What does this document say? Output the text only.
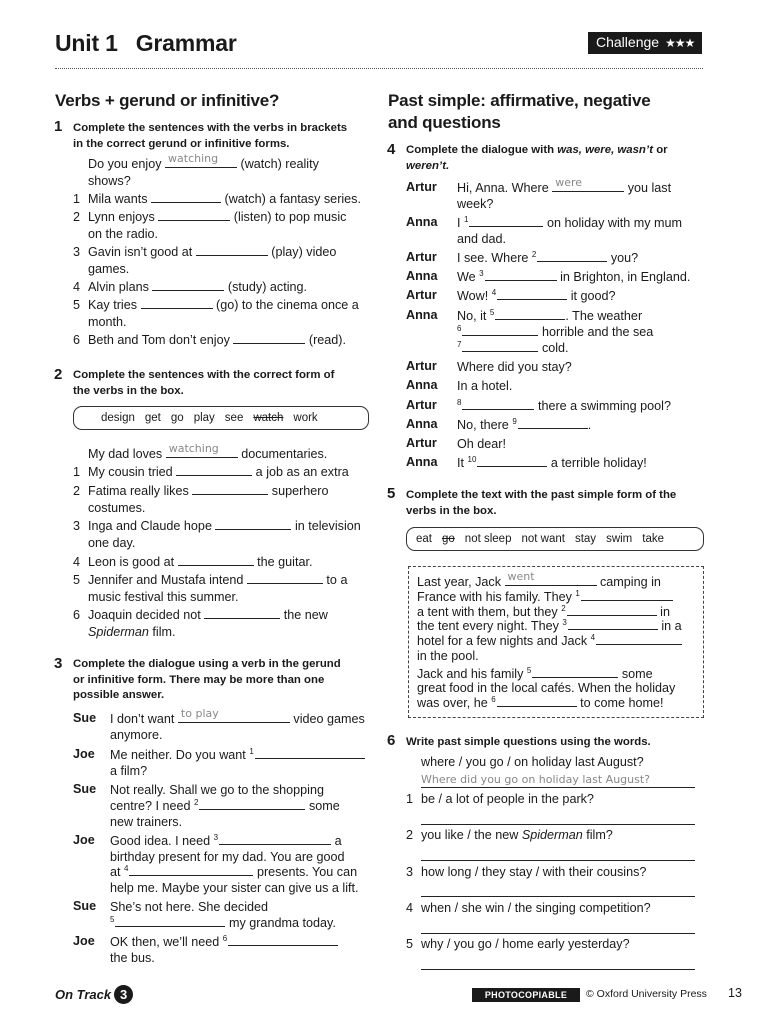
Unit 1 Grammar	Challenge ★★★
Verbs + gerund or infinitive?
1 Complete the sentences with the verbs in brackets
in the correct gerund or infinitive forms.
Do you enjoy watching (watch) reality
shows?
1 Mila wants	(watch) a fantasy series.
2 Lynn enjoys	(listen) to pop music
on the radio.
3 Gavin isn’t good at	(play) video
games.
4 Alvin plans	(study) acting.
5 Kay tries	(go) to the cinema once a
month.
6 Beth and Tom don’t enjoy	(read).
2 Complete the sentences with the correct form of
the verbs in the box.
design get go play see watch work
My dad loves watching documentaries.
1 My cousin tried	a job as an extra
2 Fatima really likes	superhero
costumes.
3 Inga and Claude hope	in television
one day.
4 Leon is good at	the guitar.
5 Jennifer and Mustafa intend	to a
music festival this summer.
6 Joaquin decided not	the new
Spiderman film.
3 Complete the dialogue using a verb in the gerund
or infinitive form. There may be more than one
possible answer.
Sue I don’t want to play	video games
anymore.
Joe Me neither. Do you want $^1$
a film?
Sue Not really. Shall we go to the shopping
centre? I need $^2$	some
new trainers.
Joe Good idea. I need $^3$	a
birthday present for my dad. You are good
at $^4$	presents. You can
help me. Maybe your sister can give us a lift.
Sue She’s not here. She decided
$^5$	my grandma today.
Joe OK then, we’ll need $^6$
the bus.
Past simple: affirmative, negative
and questions
4 Complete the dialogue with was, were, wasn’t or
weren’t.
Artur Hi, Anna. Where were	you last
week?
Anna I $^1$	on holiday with my mum
and dad.
Artur I see. Where $^2$	you?
Anna We $^3$	in Brighton, in England.
Artur Wow! $^4$	it good?
Anna No, it $^5$	. The weather
$^6$	horrible and the sea
$^7$	cold.
Artur Where did you stay?
Anna In a hotel.
Artur	$^8$	there a swimming pool?
Anna No, there $^9$	.
Artur Oh dear!
Anna It $^{10}$	a terrible holiday!
5 Complete the text with the past simple form of the
verbs in the box.
eat go not sleep not want stay swim take
Last year, Jack went	camping in
France with his family. They $^1$
a tent with them, but they $^2$	in
the tent every night. They $^3$	in a
hotel for a few nights and Jack $^4$
in the pool.
Jack and his family $^5$	some
great food in the local cafés. When the holiday
was over, he $^6$	to come home!
6 Write past simple questions using the words.
where / you go / on holiday last August?
Where did you go on holiday last August?
1 be / a lot of people in the park?
2 you like / the new Spiderman film?
3 how long / they stay / with their cousins?
4 when / she win / the singing competition?
5 why / you go / home early yesterday?
On Track 3	PHOTOCOPIABLE	© Oxford University Press 13
